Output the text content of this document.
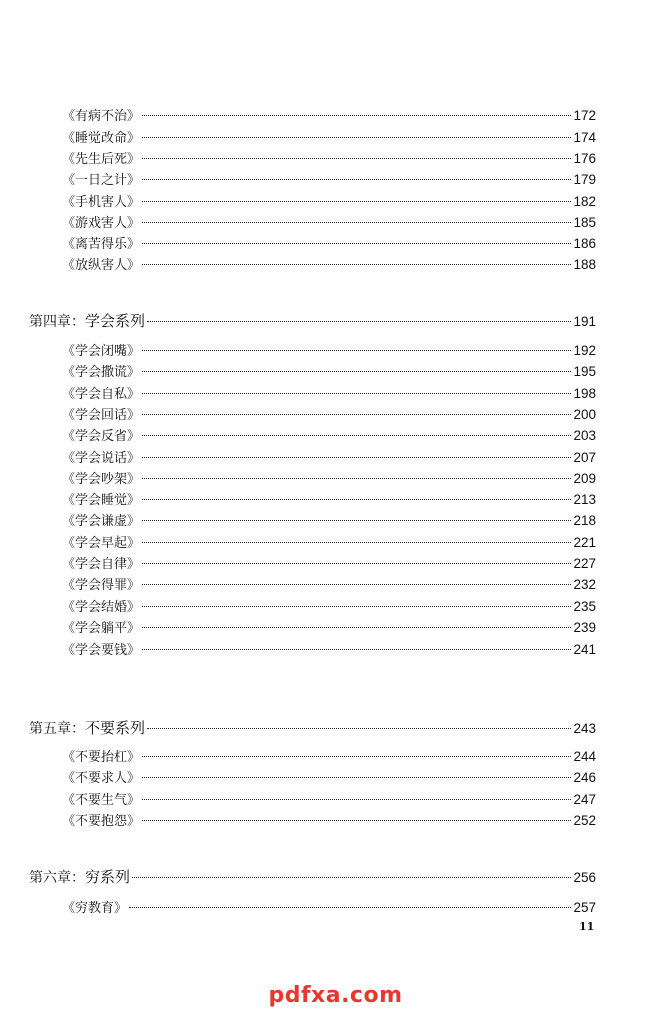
《有病不治》	172
《睡觉改命》	174
《先生后死》	176
《一日之计》	179
《手机害人》	182
《游戏害人》	185
《离苦得乐》	186
《放纵害人》	188
第四章：学会系列	191
《学会闭嘴》	192
《学会撒谎》	195
《学会自私》	198
《学会回话》	200
《学会反省》	203
《学会说话》	207
《学会吵架》	209
《学会睡觉》	213
《学会谦虚》	218
《学会早起》	221
《学会自律》	227
《学会得罪》	232
《学会结婚》	235
《学会躺平》	239
《学会要钱》	241
第五章：不要系列	243
《不要抬杠》	244
《不要求人》	246
《不要生气》	247
《不要抱怨》	252
第六章：穷系列	256
《穷教育》	257
11
pdfxa.com
